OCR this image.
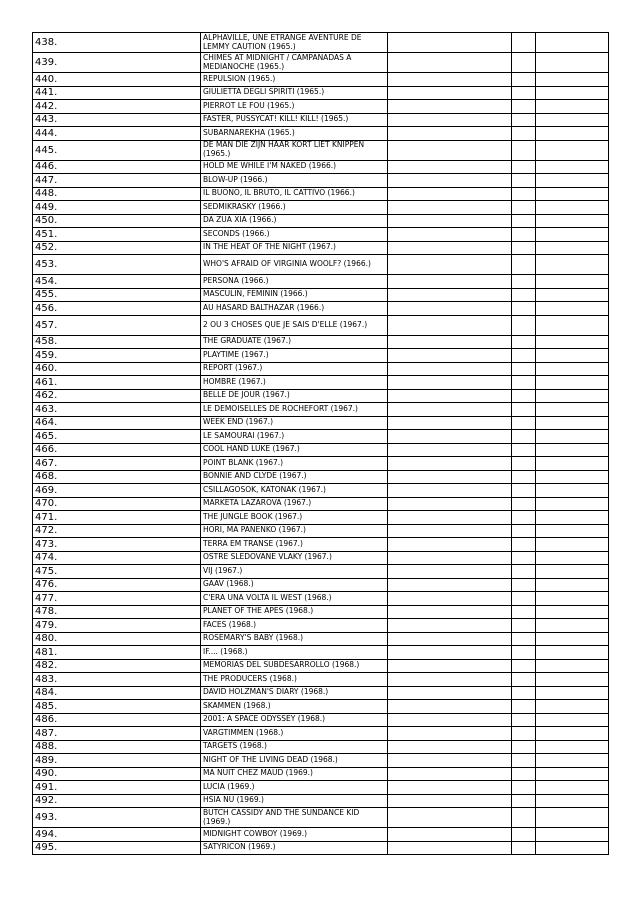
438.	ALPHAVILLE, UNE ETRANGE AVENTURE DE LEMMY CAUTION (1965.)			
439.	CHIMES AT MIDNIGHT / CAMPANADAS A MEDIANOCHE (1965.)			
440.	REPULSION (1965.)			
441.	GIULIETTA DEGLI SPIRITI (1965.)			
442.	PIERROT LE FOU (1965.)			
443.	FASTER, PUSSYCAT! KILL! KILL! (1965.)			
444.	SUBARNAREKHA (1965.)			
445.	DE MAN DIE ZIJN HAAR KORT LIET KNIPPEN (1965.)			
446.	HOLD ME WHILE I'M NAKED (1966.)			
447.	BLOW-UP (1966.)			
448.	IL BUONO, IL BRUTO, IL CATTIVO (1966.)			
449.	SEDMIKRASKY (1966.)			
450.	DA ZUA XIA (1966.)			
451.	SECONDS (1966.)			
452.	IN THE HEAT OF THE NIGHT (1967.)			
453.	WHO'S AFRAID OF VIRGINIA WOOLF? (1966.)			
454.	PERSONA (1966.)			
455.	MASCULIN, FEMININ (1966.)			
456.	AU HASARD BALTHAZAR (1966.)			
457.	2 OU 3 CHOSES QUE JE SAIS D'ELLE (1967.)			
458.	THE GRADUATE (1967.)			
459.	PLAYTIME (1967.)			
460.	REPORT (1967.)			
461.	HOMBRE (1967.)			
462.	BELLE DE JOUR (1967.)			
463.	LE DEMOISELLES DE ROCHEFORT (1967.)			
464.	WEEK END (1967.)			
465.	LE SAMOURAI (1967.)			
466.	COOL HAND LUKE (1967.)			
467.	POINT BLANK (1967.)			
468.	BONNIE AND CLYDE (1967.)			
469.	CSILLAGOSOK, KATONAK (1967.)			
470.	MARKETA LAZAROVA (1967.)			
471.	THE JUNGLE BOOK (1967.)			
472.	HORI, MA PANENKO (1967.)			
473.	TERRA EM TRANSE (1967.)			
474.	OSTRE SLEDOVANE VLAKY (1967.)			
475.	VIJ (1967.)			
476.	GAAV (1968.)			
477.	C'ERA UNA VOLTA IL WEST (1968.)			
478.	PLANET OF THE APES (1968.)			
479.	FACES (1968.)			
480.	ROSEMARY'S BABY (1968.)			
481.	IF.... (1968.)			
482.	MEMORIAS DEL SUBDESARROLLO (1968.)			
483.	THE PRODUCERS (1968.)			
484.	DAVID HOLZMAN'S DIARY (1968.)			
485.	SKAMMEN (1968.)			
486.	2001: A SPACE ODYSSEY (1968.)			
487.	VARGTIMMEN (1968.)			
488.	TARGETS (1968.)			
489.	NIGHT OF THE LIVING DEAD (1968.)			
490.	MA NUIT CHEZ MAUD (1969.)			
491.	LUCIA (1969.)			
492.	HSIA NU (1969.)			
493.	BUTCH CASSIDY AND THE SUNDANCE KID (1969.)			
494.	MIDNIGHT COWBOY (1969.)			
495.	SATYRICON (1969.)			
